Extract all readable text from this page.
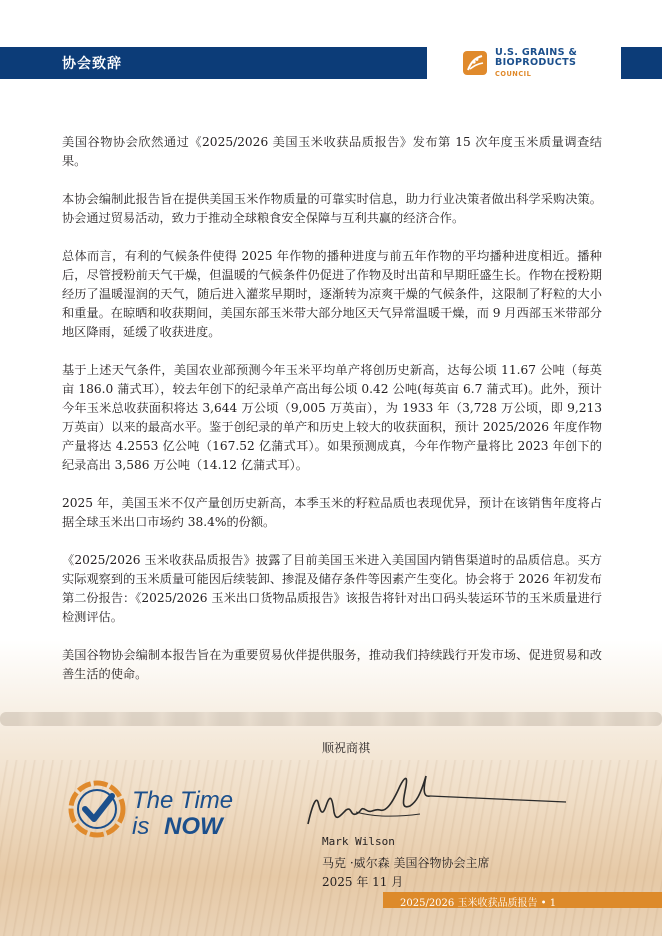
协会致辞
U.S. GRAINS &
BIOPRODUCTS
COUNCIL

美国谷物协会欣然通过《2025/2026 美国玉米收获品质报告》发布第 15 次年度玉米质量调查结果。

本协会编制此报告旨在提供美国玉米作物质量的可靠实时信息，助力行业决策者做出科学采购决策。协会通过贸易活动，致力于推动全球粮食安全保障与互利共赢的经济合作。

总体而言，有利的气候条件使得 2025 年作物的播种进度与前五年作物的平均播种进度相近。播种后，尽管授粉前天气干燥，但温暖的气候条件仍促进了作物及时出苗和早期旺盛生长。作物在授粉期经历了温暖湿润的天气，随后进入灌浆早期时，逐渐转为凉爽干燥的气候条件，这限制了籽粒的大小和重量。在晾晒和收获期间，美国东部玉米带大部分地区天气异常温暖干燥，而 9 月西部玉米带部分地区降雨，延缓了收获进度。

基于上述天气条件，美国农业部预测今年玉米平均单产将创历史新高，达每公顷 11.67 公吨（每英亩 186.0 蒲式耳），较去年创下的纪录单产高出每公顷 0.42 公吨(每英亩 6.7 蒲式耳)。此外，预计今年玉米总收获面积将达 3,644 万公顷（9,005 万英亩），为 1933 年（3,728 万公顷，即 9,213 万英亩）以来的最高水平。鉴于创纪录的单产和历史上较大的收获面积，预计 2025/2026 年度作物产量将达 4.2553 亿公吨（167.52 亿蒲式耳）。如果预测成真，今年作物产量将比 2023 年创下的纪录高出 3,586 万公吨（14.12 亿蒲式耳）。

2025 年，美国玉米不仅产量创历史新高，本季玉米的籽粒品质也表现优异，预计在该销售年度将占据全球玉米出口市场约 38.4%的份额。

《2025/2026 玉米收获品质报告》披露了目前美国玉米进入美国国内销售渠道时的品质信息。买方实际观察到的玉米质量可能因后续装卸、掺混及储存条件等因素产生变化。协会将于 2026 年初发布第二份报告：《2025/2026 玉米出口货物品质报告》该报告将针对出口码头装运环节的玉米质量进行检测评估。

美国谷物协会编制本报告旨在为重要贸易伙伴提供服务，推动我们持续践行开发市场、促进贸易和改善生活的使命。

顺祝商祺
The Time
is NOW
Mark Wilson
马克 ·威尔森 美国谷物协会主席
2025 年 11 月
2025/2026 玉米收获品质报告 • 1
